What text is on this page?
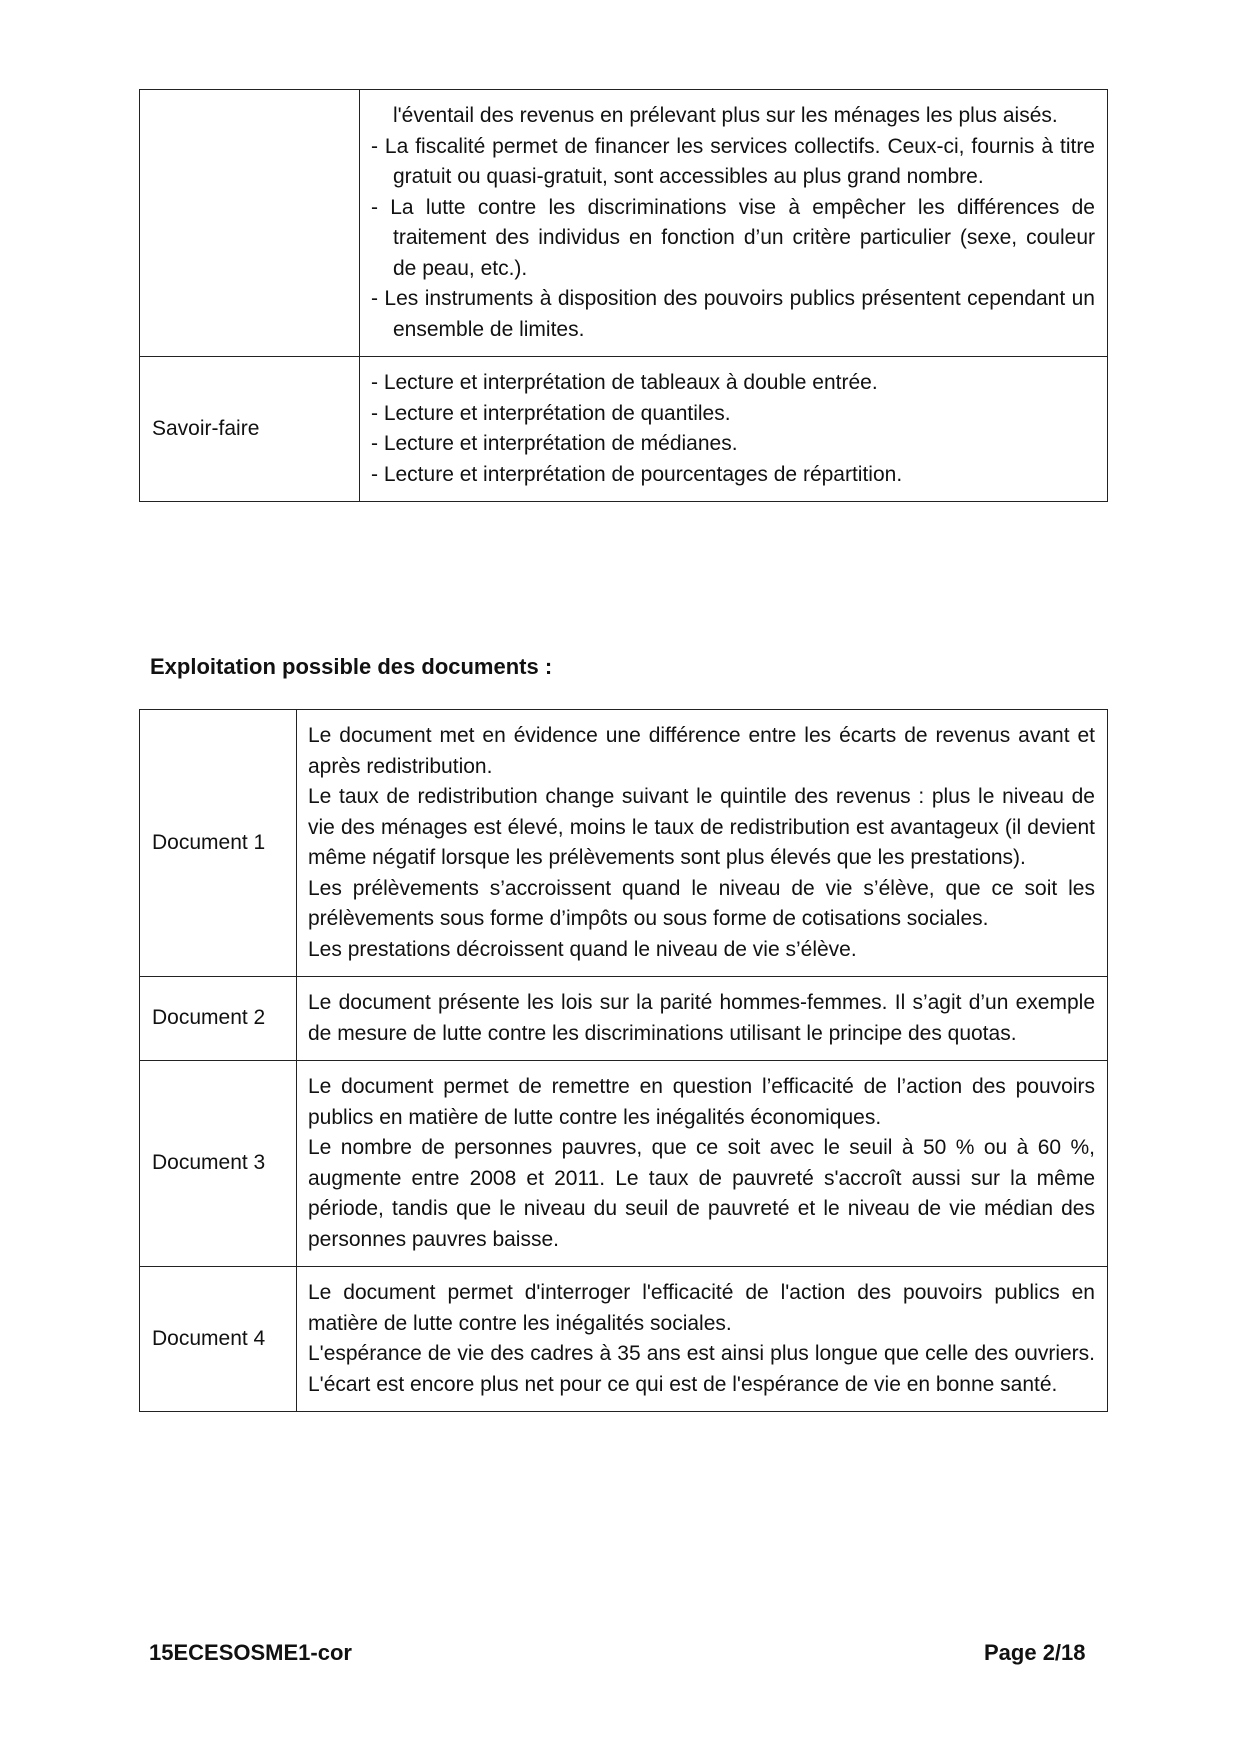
	l'éventail des revenus en prélevant plus sur les ménages les plus aisés.

- La fiscalité permet de financer les services collectifs. Ceux-ci, fournis à titre gratuit ou quasi-gratuit, sont accessibles au plus grand nombre.

- La lutte contre les discriminations vise à empêcher les différences de traitement des individus en fonction d’un critère particulier (sexe, couleur de peau, etc.).

- Les instruments à disposition des pouvoirs publics présentent cependant un ensemble de limites.

Savoir-faire	- Lecture et interprétation de tableaux à double entrée.

- Lecture et interprétation de quantiles.

- Lecture et interprétation de médianes.

- Lecture et interprétation de pourcentages de répartition.

Exploitation possible des documents :
Document 1	Le document met en évidence une différence entre les écarts de revenus avant et après redistribution.

Le taux de redistribution change suivant le quintile des revenus : plus le niveau de vie des ménages est élevé, moins le taux de redistribution est avantageux (il devient même négatif lorsque les prélèvements sont plus élevés que les prestations).

Les prélèvements s’accroissent quand le niveau de vie s’élève, que ce soit les prélèvements sous forme d’impôts ou sous forme de cotisations sociales.

Les prestations décroissent quand le niveau de vie s’élève.

Document 2	Le document présente les lois sur la parité hommes-femmes. Il s’agit d’un exemple de mesure de lutte contre les discriminations utilisant le principe des quotas.

Document 3	Le document permet de remettre en question l’efficacité de l’action des pouvoirs publics en matière de lutte contre les inégalités économiques.

Le nombre de personnes pauvres, que ce soit avec le seuil à 50 % ou à 60 %, augmente entre 2008 et 2011. Le taux de pauvreté s'accroît aussi sur la même période, tandis que le niveau du seuil de pauvreté et le niveau de vie médian des personnes pauvres baisse.

Document 4	Le document permet d'interroger l'efficacité de l'action des pouvoirs publics en matière de lutte contre les inégalités sociales.

L'espérance de vie des cadres à 35 ans est ainsi plus longue que celle des ouvriers. L'écart est encore plus net pour ce qui est de l'espérance de vie en bonne santé.

15ECESOSME1-cor	Page 2/18
